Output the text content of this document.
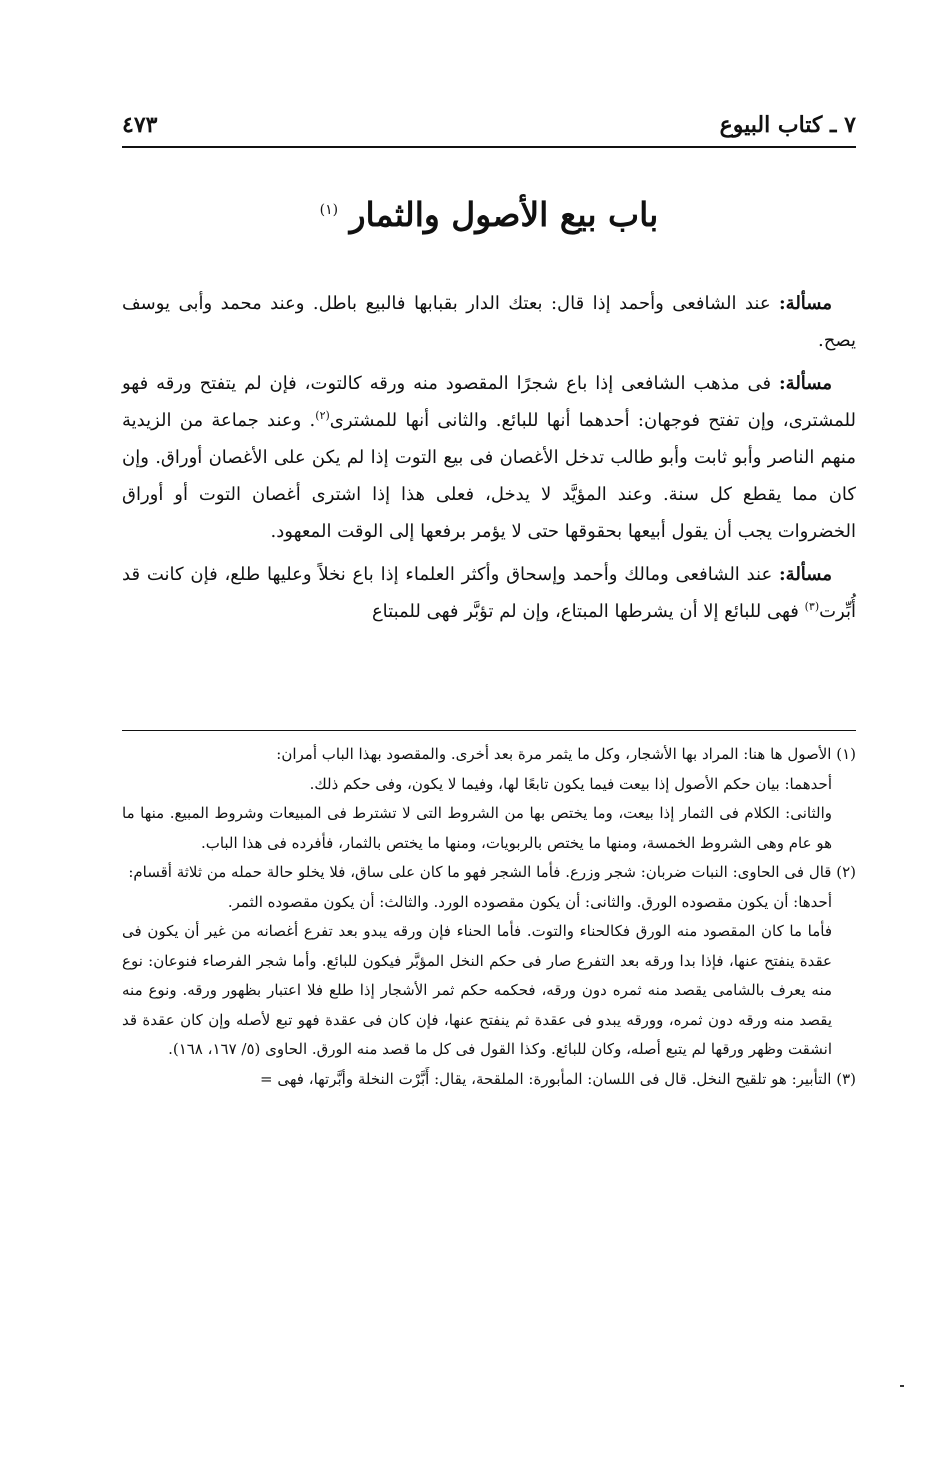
٧ ـ كتاب البيوع
٤٧٣
باب بيع الأصول والثمار $^{(١)}$

مسألة: عند الشافعى وأحمد إذا قال: بعتك الدار بقبابها فالبيع باطل. وعند محمد وأبى يوسف يصح.

مسألة: فى مذهب الشافعى إذا باع شجرًا المقصود منه ورقه كالتوت، فإن لم يتفتح ورقه فهو للمشترى، وإن تفتح فوجهان: أحدهما أنها للبائع. والثانى أنها للمشترى$^{(٢)}$. وعند جماعة من الزيدية منهم الناصر وأبو ثابت وأبو طالب تدخل الأغصان فى بيع التوت إذا لم يكن على الأغصان أوراق. وإن كان مما يقطع كل سنة. وعند المؤيَّد لا يدخل، فعلى هذا إذا اشترى أغصان التوت أو أوراق الخضروات يجب أن يقول أبيعها بحقوقها حتى لا يؤمر برفعها إلى الوقت المعهود.

مسألة: عند الشافعى ومالك وأحمد وإسحاق وأكثر العلماء إذا باع نخلاً وعليها طلع، فإن كانت قد أُبِّرت$^{(٣)}$ فهى للبائع إلا أن يشرطها المبتاع، وإن لم تؤبَّر فهى للمبتاع

(١) الأصول ها هنا: المراد بها الأشجار، وكل ما يثمر مرة بعد أخرى. والمقصود بهذا الباب أمران:

أحدهما: بيان حكم الأصول إذا بيعت فيما يكون تابعًا لها، وفيما لا يكون، وفى حكم ذلك.

والثانى: الكلام فى الثمار إذا بيعت، وما يختص بها من الشروط التى لا تشترط فى المبيعات وشروط المبيع. منها ما هو عام وهى الشروط الخمسة، ومنها ما يختص بالربويات، ومنها ما يختص بالثمار، فأفرده فى هذا الباب.

(٢) قال فى الحاوى: النبات ضربان: شجر وزرع. فأما الشجر فهو ما كان على ساق، فلا يخلو حالة حمله من ثلاثة أقسام:

أحدها: أن يكون مقصوده الورق. والثانى: أن يكون مقصوده الورد. والثالث: أن يكون مقصوده الثمر.

فأما ما كان المقصود منه الورق فكالحناء والتوت. فأما الحناء فإن ورقه يبدو بعد تفرع أغصانه من غير أن يكون فى عقدة ينفتح عنها، فإذا بدا ورقه بعد التفرع صار فى حكم النخل المؤبَّر فيكون للبائع. وأما شجر الفرصاء فنوعان: نوع منه يعرف بالشامى يقصد منه ثمره دون ورقه، فحكمه حكم ثمر الأشجار إذا طلع فلا اعتبار بظهور ورقه. ونوع منه يقصد منه ورقه دون ثمره، وورقه يبدو فى عقدة ثم ينفتح عنها، فإن كان فى عقدة فهو تبع لأصله وإن كان عقدة قد انشقت وظهر ورقها لم يتبع أصله، وكان للبائع. وكذا القول فى كل ما قصد منه الورق. الحاوى (٥/ ١٦٧، ١٦٨).

(٣) التأبير: هو تلقيح النخل. قال فى اللسان: المأبورة: الملقحة، يقال: أَبَّرْت النخلة وأبَّرتها، فهى =
